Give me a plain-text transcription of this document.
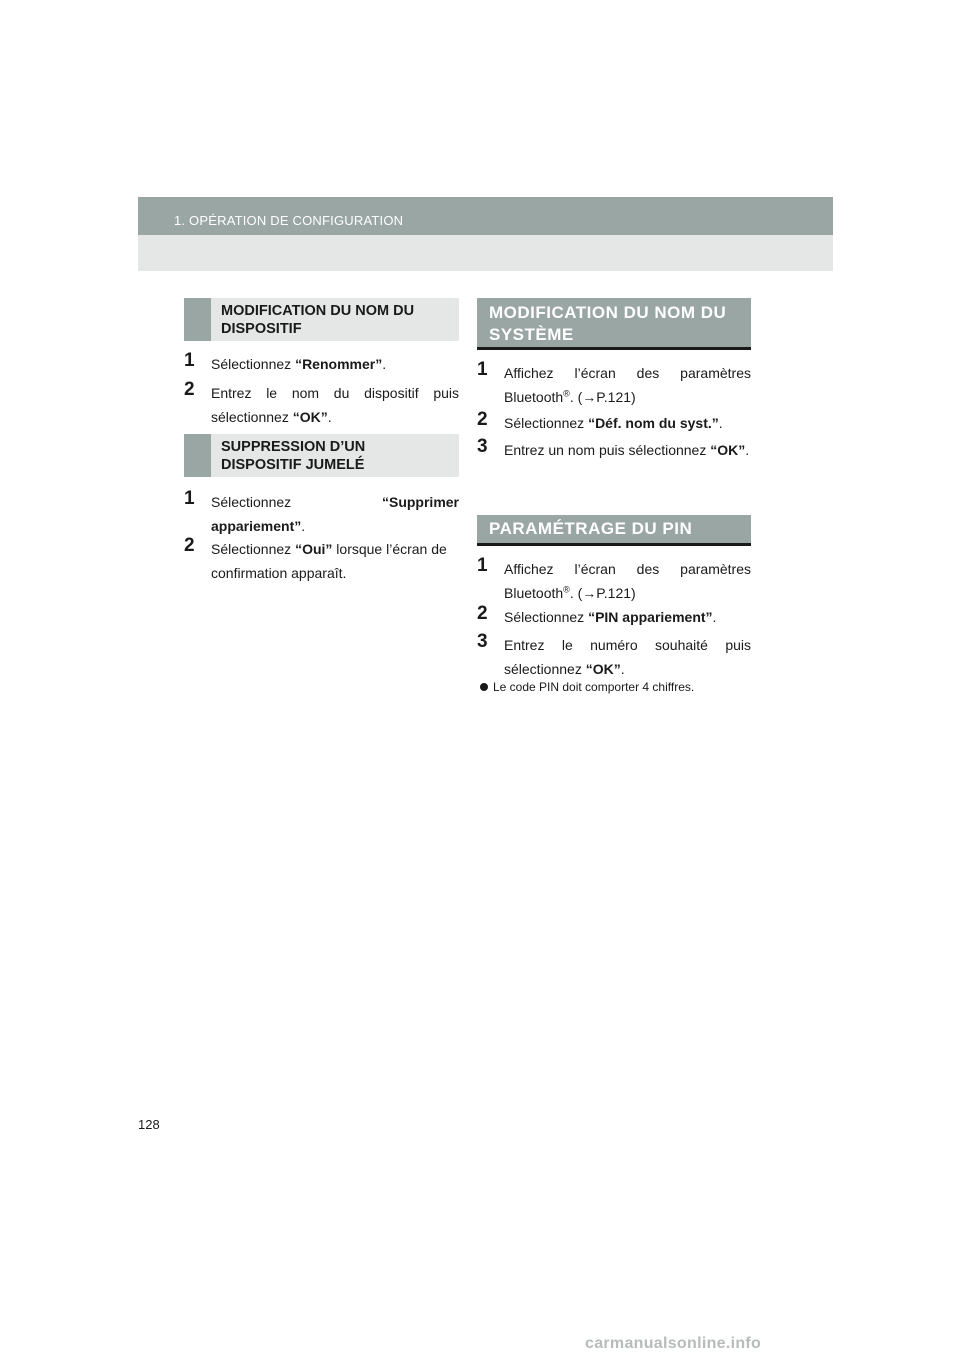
1. OPÉRATION DE CONFIGURATION
MODIFICATION DU NOM DU
DISPOSITIF
1 Sélectionnez “Renommer”.
2 Entrez le nom du dispositif puis sélectionnez “OK”.
SUPPRESSION D’UN
DISPOSITIF JUMELÉ
1 Sélectionnez “Supprimer appariement”.
2 Sélectionnez “Oui” lorsque l’écran de confirmation apparaît.
MODIFICATION DU NOM DU
SYSTÈME
1 Affichez l’écran des paramètres Bluetooth®. (→P.121)
2 Sélectionnez “Déf. nom du syst.”.
3 Entrez un nom puis sélectionnez “OK”.
PARAMÉTRAGE DU PIN
1 Affichez l’écran des paramètres Bluetooth®. (→P.121)
2 Sélectionnez “PIN appariement”.
3 Entrez le numéro souhaité puis sélectionnez “OK”.
Le code PIN doit comporter 4 chiffres.
128
carmanualsonline.info
